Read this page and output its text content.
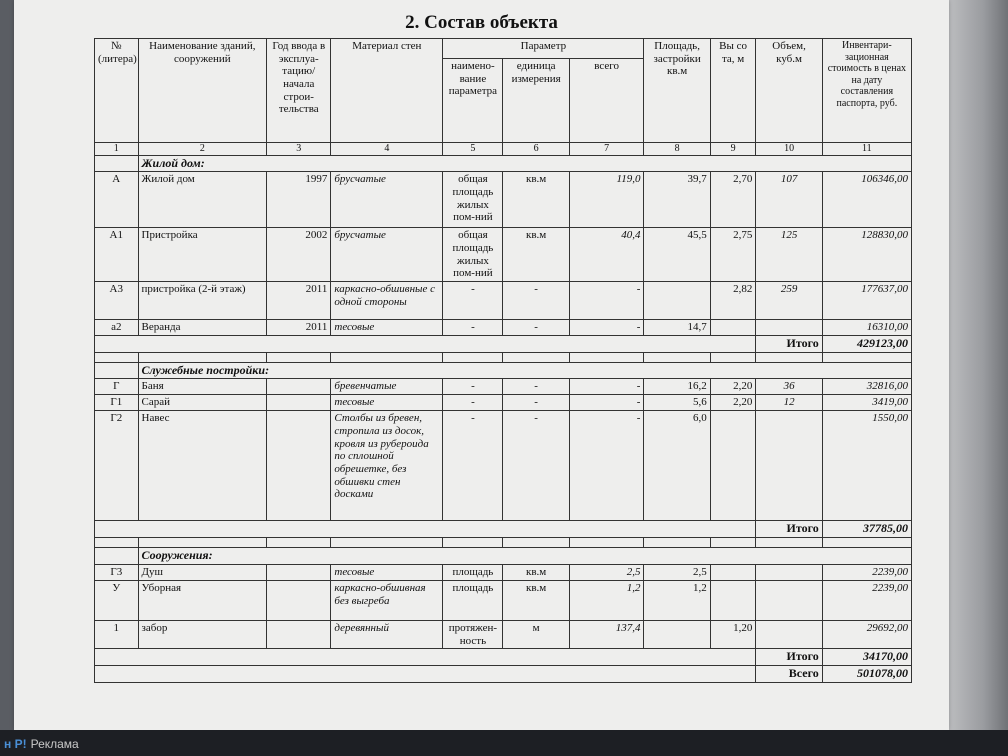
2. Состав объекта
№ (литера)	Наименование зданий, сооружений	Год ввода в эксплуа-тацию/ начала строи-тельства	Материал стен	Параметр			Площадь, застройки кв.м	Вы со та, м	Объем, куб.м	Инвентари-зационная стоимость в ценах на дату составления паспорта, руб.
				наимено-вание параметра	единица измерения	всего				
1	2	3	4	5	6	7	8	9	10	11
	Жилой дом:									
А	Жилой дом	1997	брусчатые	общая площадь жилых пом-ний	кв.м	119,0	39,7	2,70	107	106346,00
А1	Пристройка	2002	брусчатые	общая площадь жилых пом-ний	кв.м	40,4	45,5	2,75	125	128830,00
А3	пристройка (2-й этаж)	2011	каркасно-обшивные с одной стороны	-	-	-		2,82	259	177637,00
а2	Веранда	2011	тесовые	-	-	-	14,7			16310,00
									Итого	429123,00

	Служебные постройки:									
Г	Баня		бревенчатые	-	-	-	16,2	2,20	36	32816,00
Г1	Сарай		тесовые	-	-	-	5,6	2,20	12	3419,00
Г2	Навес		Столбы из бревен, стропила из досок, кровля из рубероида по сплошной обрешетке, без обшивки стен досками	-	-	-	6,0			1550,00
									Итого	37785,00

	Сооружения:									
Г3	Душ		тесовые	площадь	кв.м	2,5	2,5			2239,00
У	Уборная		каркасно-обшивная без выгреба	площадь	кв.м	1,2	1,2			2239,00
1	забор		деревянный	протяжен-ность	м	137,4		1,20		29692,00
									Итого	34170,00
									Всего	501078,00
н Р! Реклама
